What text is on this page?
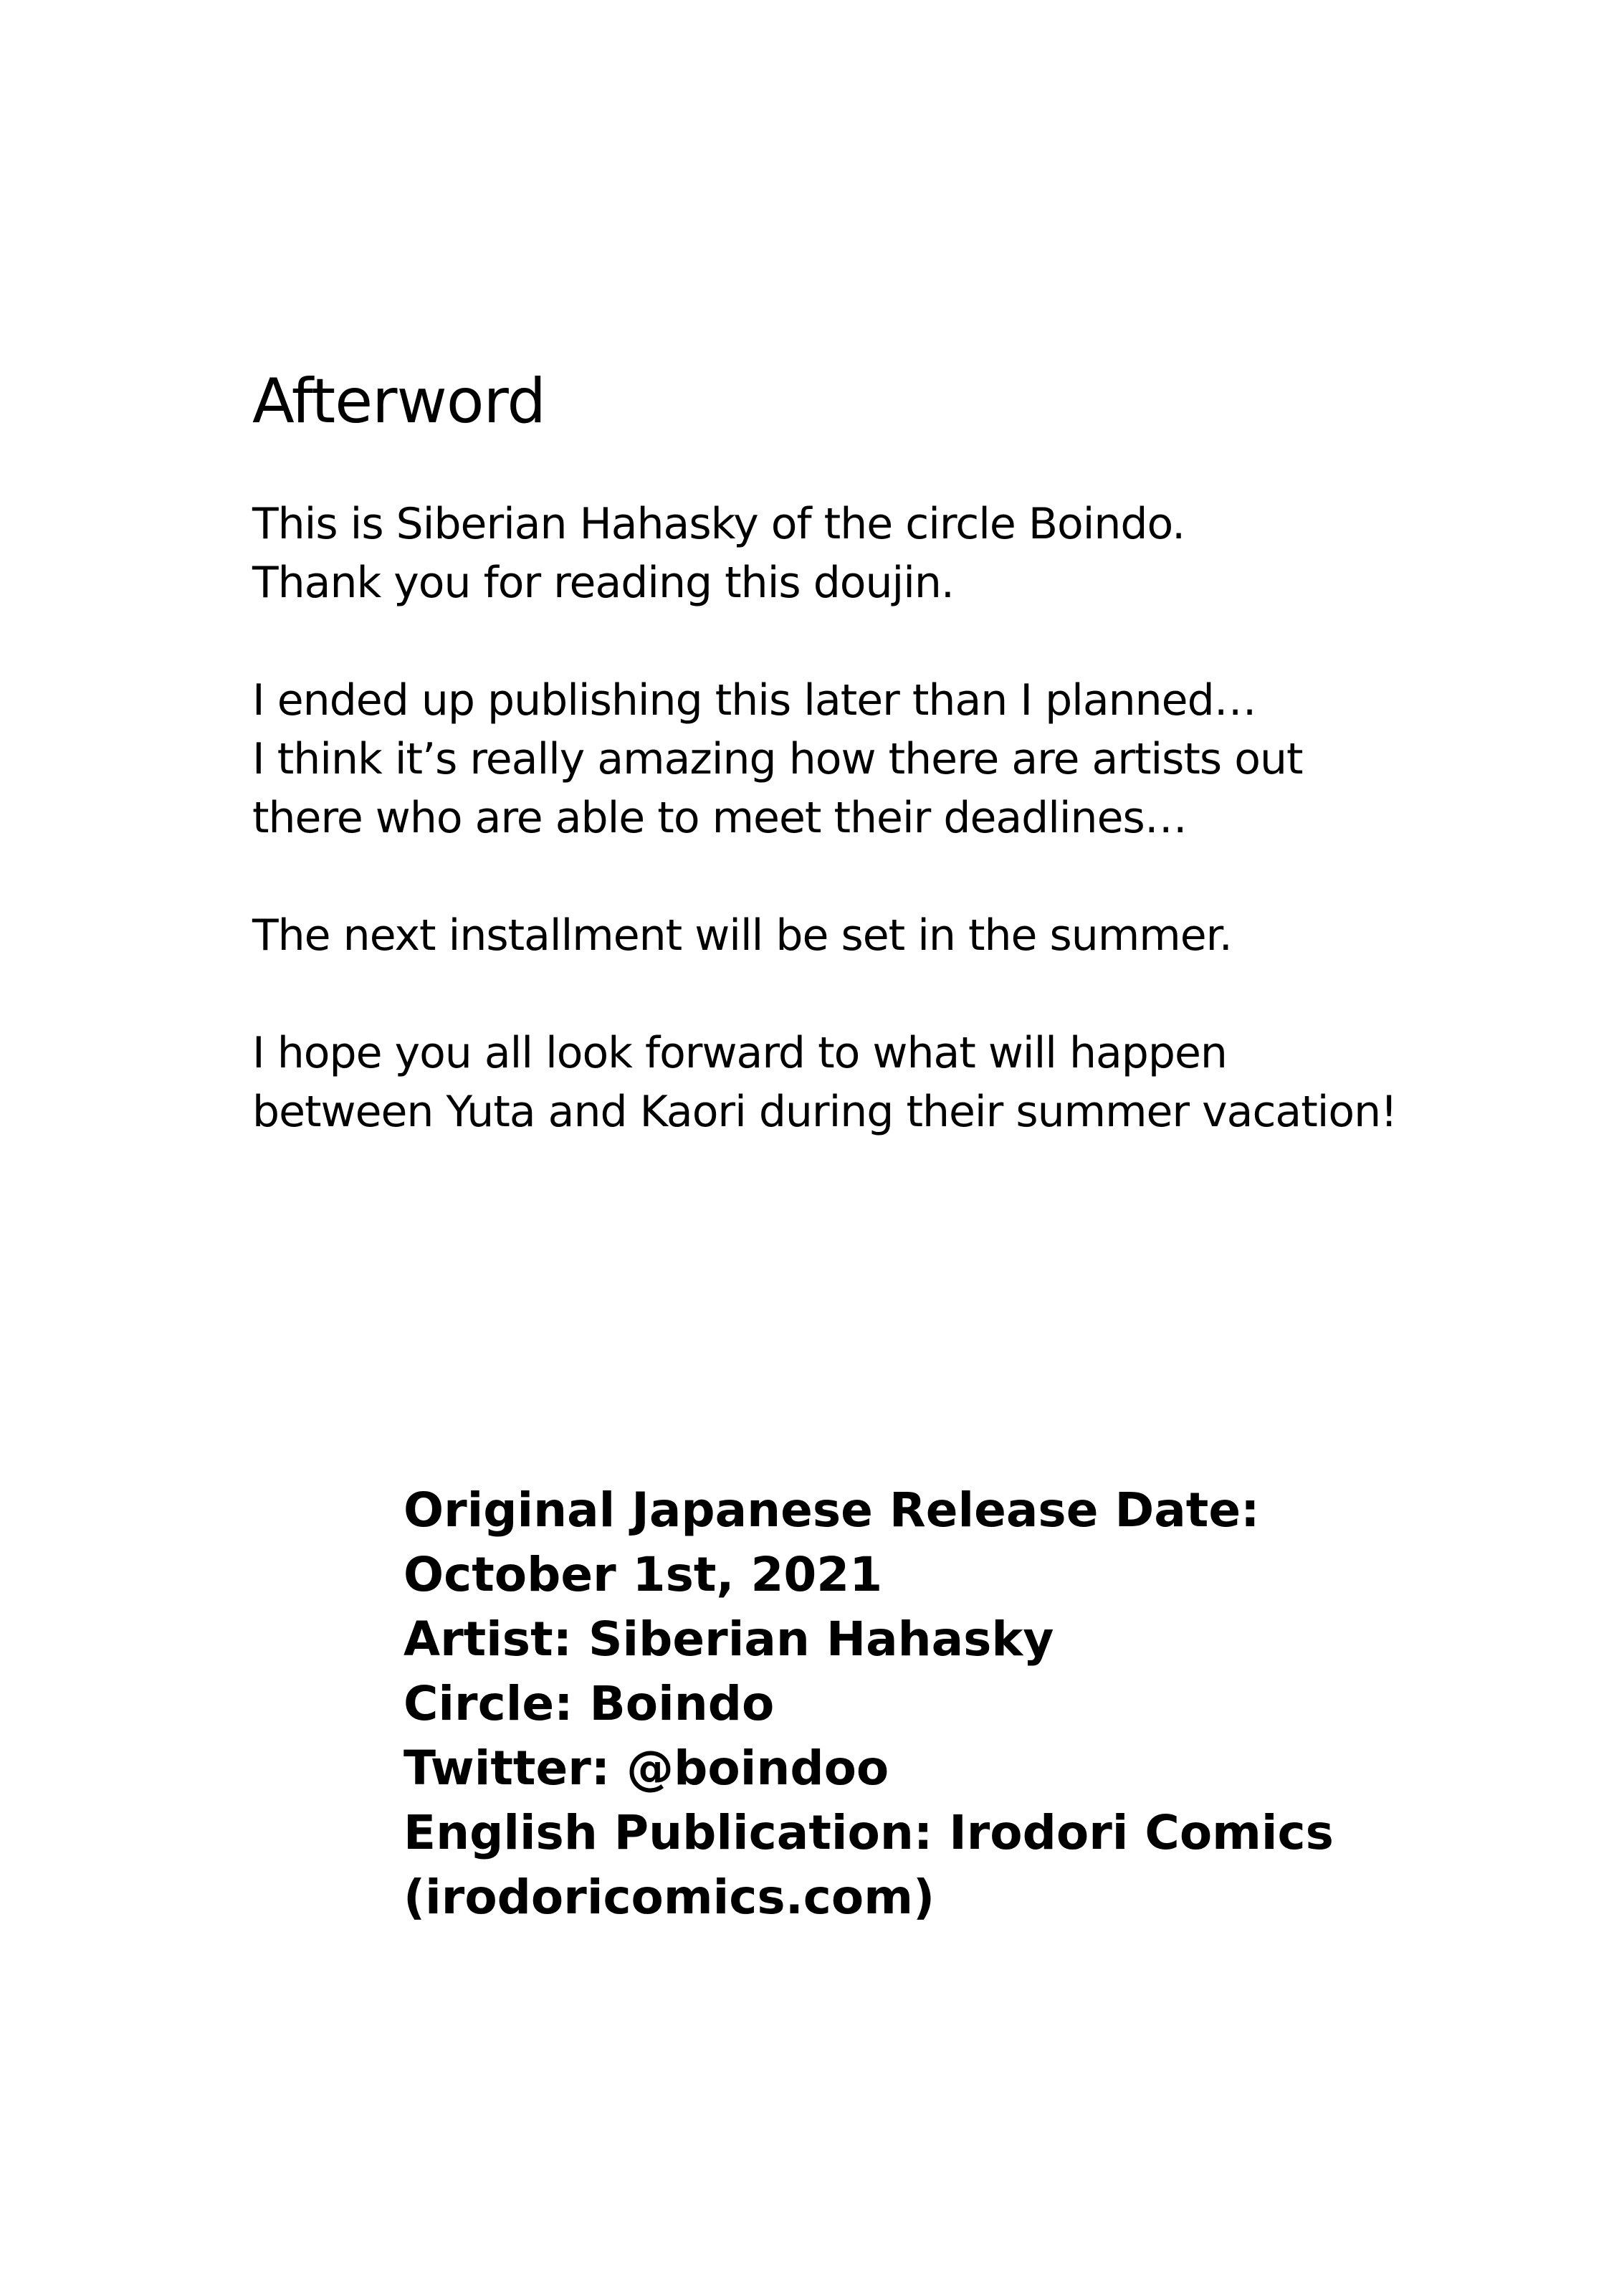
Afterword
This is Siberian Hahasky of the circle Boindo.
Thank you for reading this doujin.
I ended up publishing this later than I planned…
I think it’s really amazing how there are artists out
there who are able to meet their deadlines…
The next installment will be set in the summer.
I hope you all look forward to what will happen
between Yuta and Kaori during their summer vacation!
Original Japanese Release Date:
October 1st, 2021
Artist: Siberian Hahasky
Circle: Boindo
Twitter: @boindoo
English Publication: Irodori Comics
(irodoricomics.com)
